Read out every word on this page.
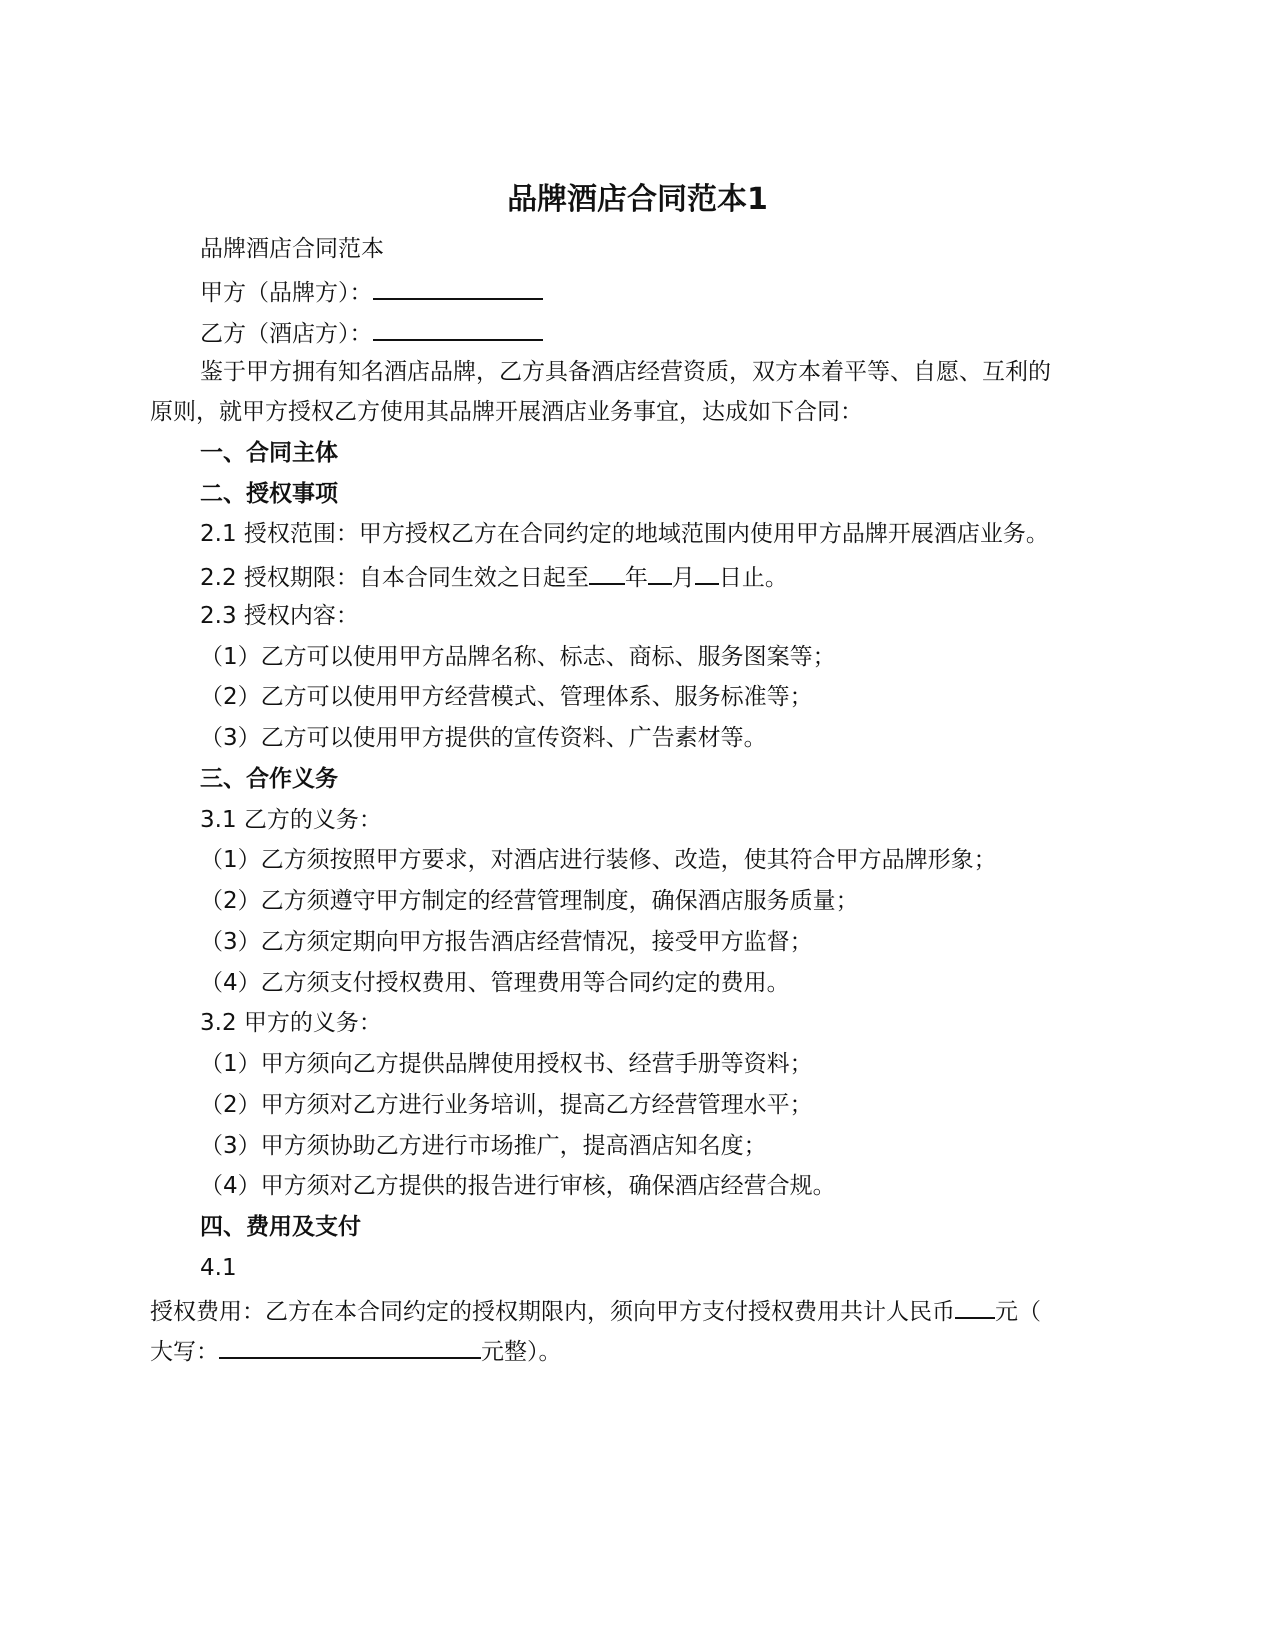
品牌酒店合同范本1
品牌酒店合同范本
甲方（品牌方）：
乙方（酒店方）：
鉴于甲方拥有知名酒店品牌，乙方具备酒店经营资质，双方本着平等、自愿、互利的
原则，就甲方授权乙方使用其品牌开展酒店业务事宜，达成如下合同：
一、合同主体
二、授权事项
2.1 授权范围：甲方授权乙方在合同约定的地域范围内使用甲方品牌开展酒店业务。
2.2 授权期限：自本合同生效之日起至 年 月 日止。
2.3 授权内容：
（1）乙方可以使用甲方品牌名称、标志、商标、服务图案等；
（2）乙方可以使用甲方经营模式、管理体系、服务标准等；
（3）乙方可以使用甲方提供的宣传资料、广告素材等。
三、合作义务
3.1 乙方的义务：
（1）乙方须按照甲方要求，对酒店进行装修、改造，使其符合甲方品牌形象；
（2）乙方须遵守甲方制定的经营管理制度，确保酒店服务质量；
（3）乙方须定期向甲方报告酒店经营情况，接受甲方监督；
（4）乙方须支付授权费用、管理费用等合同约定的费用。
3.2 甲方的义务：
（1）甲方须向乙方提供品牌使用授权书、经营手册等资料；
（2）甲方须对乙方进行业务培训，提高乙方经营管理水平；
（3）甲方须协助乙方进行市场推广，提高酒店知名度；
（4）甲方须对乙方提供的报告进行审核，确保酒店经营合规。
四、费用及支付
4.1
授权费用：乙方在本合同约定的授权期限内，须向甲方支付授权费用共计人民币 元（
大写：	元整）。
